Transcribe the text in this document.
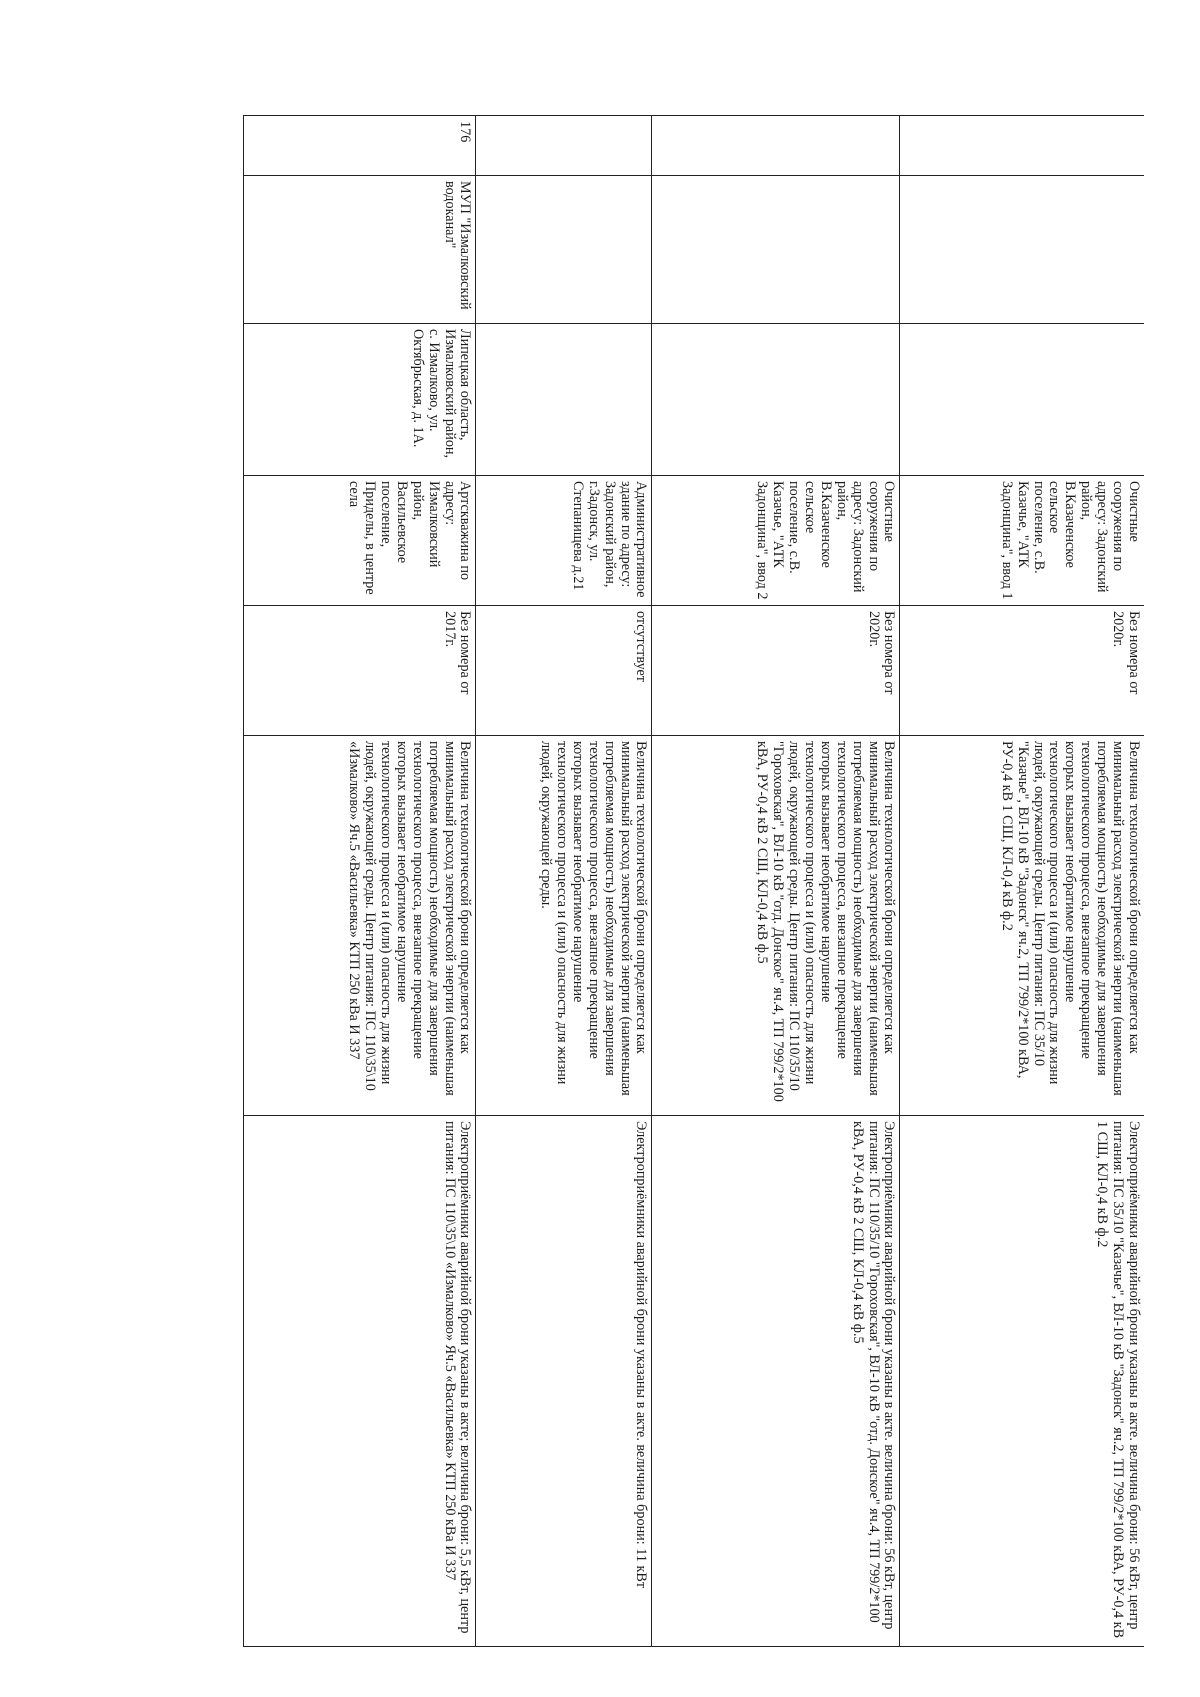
			Очистные сооружения по адресу: Задонский район, В.Казаченское сельское поселение, с.В. Казачье, "АТК Задонщина", ввод 1	Без номера от 2020г.	Величина технологической брони определяется как минимальный расход электрической энергии (наименьшая потребляемая мощность) необходимые для завершения технологического процесса, внезапное прекращение которых вызывает необратимое нарушение технологического процесса и (или) опасность для жизни людей, окружающей среды. Центр питания: ПС 35/10 "Казачье", ВЛ-10 кВ "Задонск" яч.2, ТП 799/2*100 кВА, РУ-0,4 кВ 1 СШ, КЛ-0,4 кВ ф.2	Электроприёмники аварийной брони указаны в акте. величина брони: 56 кВт, центр питания: ПС 35/10 "Казачье", ВЛ-10 кВ "Задонск" яч.2, ТП 799/2*100 кВА, РУ-0,4 кВ 1 СШ, КЛ-0,4 кВ ф.2
			Очистные сооружения по адресу: Задонский район, В.Казаченское сельское поселение, с.В. Казачье, "АТК Задонщина", ввод 2	Без номера от 2020г.	Величина технологической брони определяется как минимальный расход электрической энергии (наименьшая потребляемая мощность) необходимые для завершения технологического процесса, внезапное прекращение которых вызывает необратимое нарушение технологического процесса и (или) опасность для жизни людей, окружающей среды. Центр питания: ПС 110/35/10 "Гороховская", ВЛ-10 кВ "отд. Донское" яч.4, ТП 799/2*100 кВА, РУ-0,4 кВ 2 СШ, КЛ-0,4 кВ ф.5	Электроприёмники аварийной брони указаны в акте. величина брони: 56 кВт, центр питания: ПС 110/35/10 "Гороховская", ВЛ-10 кВ "отд. Донское" яч.4, ТП 799/2*100 кВА, РУ-0,4 кВ 2 СШ, КЛ-0,4 кВ ф.5
			Административное здание по адресу: Задонский район, г.Задонск, ул. Степанищева д.21	отсутствует	Величина технологической брони определяется как минимальный расход электрической энергии (наименьшая потребляемая мощность) необходимые для завершения технологического процесса, внезапное прекращение которых вызывает необратимое нарушение технологического процесса и (или) опасность для жизни людей, окружающей среды.	Электроприёмники аварийной брони указаны в акте. величина брони: 11 кВт
176	МУП "Измалковский водоканал"	Липецкая область, Измалковский район, с. Измалково, ул. Октябрьская, д. 1А.	Артскважина по адресу: Измалковский район, Васильевское поселение, Приделы, в центре села	Без номера от 2017г.	Величина технологической брони определяется как минимальный расход электрической энергии (наименьшая потребляемая мощность) необходимые для завершения технологического процесса, внезапное прекращение которых вызывает необратимое нарушение технологического процесса и (или) опасность для жизни людей, окружающей среды. Центр питания: ПС 110\35\10 «Измалково» Яч.5 «Васильевка» КТП 250 кВа И 337	Электроприёмники аварийной брони указаны в акте; величина брони: 5,5 кВт, центр питания: ПС 110\35\10 «Измалково» Яч.5 «Васильевка» КТП 250 кВа И 337
